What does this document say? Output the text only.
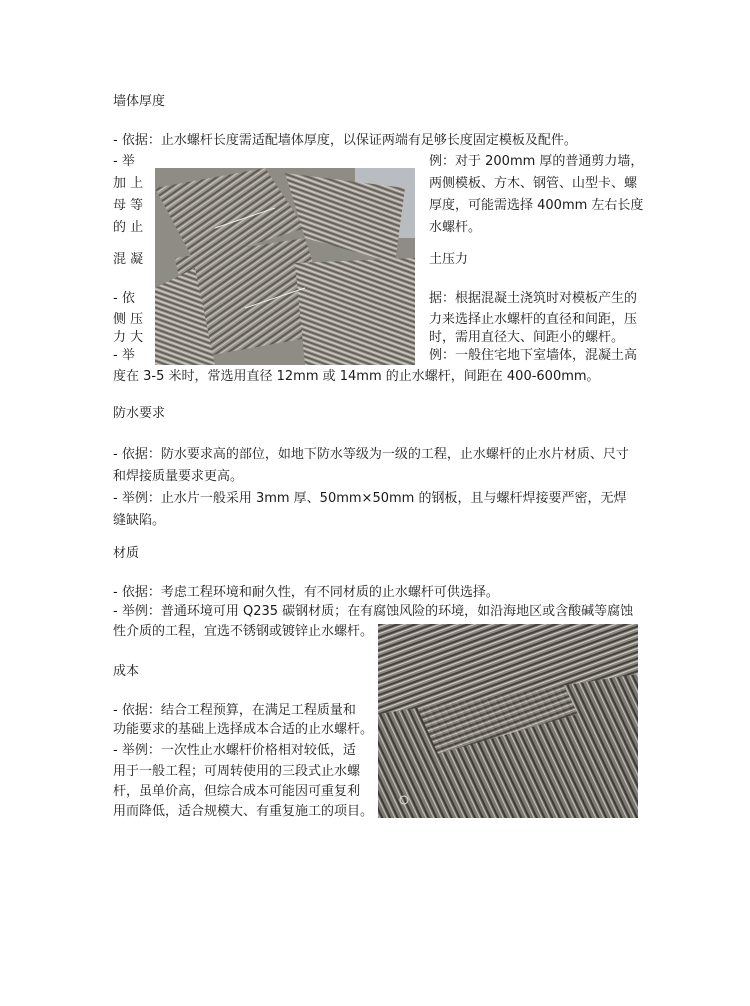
墙体厚度
- 依据：止水螺杆长度需适配墙体厚度，以保证两端有足够长度固定模板及配件。
- 举	例：对于 200mm 厚的普通剪力墙，
加 上	两侧模板、方木、钢管、山型卡、螺
母 等	厚度，可能需选择 400mm 左右长度
的 止	水螺杆。
混 凝	土压力
- 依	据：根据混凝土浇筑时对模板产生的
侧 压	力来选择止水螺杆的直径和间距，压
力 大	时，需用直径大、间距小的螺杆。
- 举	例：一般住宅地下室墙体，混凝土高
度在 3-5 米时，常选用直径 12mm 或 14mm 的止水螺杆，间距在 400-600mm。
防水要求
- 依据：防水要求高的部位，如地下防水等级为一级的工程，止水螺杆的止水片材质、尺寸和焊接质量要求更高。
- 举例：止水片一般采用 3mm 厚、50mm×50mm 的钢板，且与螺杆焊接要严密，无焊缝缺陷。
材质
- 依据：考虑工程环境和耐久性，有不同材质的止水螺杆可供选择。
- 举例：普通环境可用 Q235 碳钢材质；在有腐蚀风险的环境，如沿海地区或含酸碱等腐蚀
性介质的工程，宜选不锈钢或镀锌止水螺杆。
成本
- 依据：结合工程预算，在满足工程质量和
功能要求的基础上选择成本合适的止水螺杆。
- 举例：一次性止水螺杆价格相对较低，适
用于一般工程；可周转使用的三段式止水螺
杆，虽单价高，但综合成本可能因可重复利
用而降低，适合规模大、有重复施工的项目。
